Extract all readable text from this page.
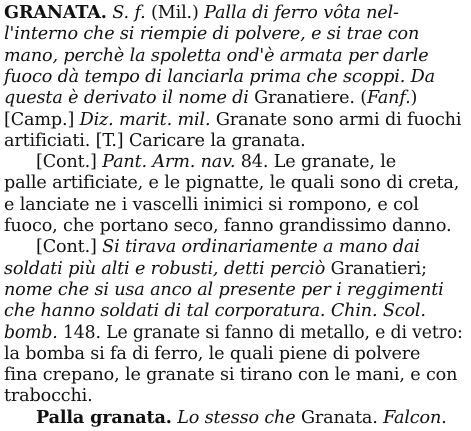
GRANATA. S. f. (Mil.) Palla di ferro vôta nel-
l'interno che si riempie di polvere, e si trae con
mano, perchè la spoletta ond'è armata per darle
fuoco dà tempo di lanciarla prima che scoppi. Da
questa è derivato il nome di Granatiere. (Fanf.)
[Camp.] Diz. marit. mil. Granate sono armi di fuochi
artificiati. [T.] Caricare la granata.
[Cont.] Pant. Arm. nav. 84. Le granate, le
palle artificiate, e le pignatte, le quali sono di creta,
e lanciate ne i vascelli inimici si rompono, e col
fuoco, che portano seco, fanno grandissimo danno.
[Cont.] Si tirava ordinariamente a mano dai
soldati più alti e robusti, detti perciò Granatieri;
nome che si usa anco al presente per i reggimenti
che hanno soldati di tal corporatura. Chin. Scol.
bomb. 148. Le granate si fanno di metallo, e di vetro:
la bomba si fa di ferro, le quali piene di polvere
fina crepano, le granate si tirano con le mani, e con
trabocchi.
Palla granata. Lo stesso che Granata. Falcon.
